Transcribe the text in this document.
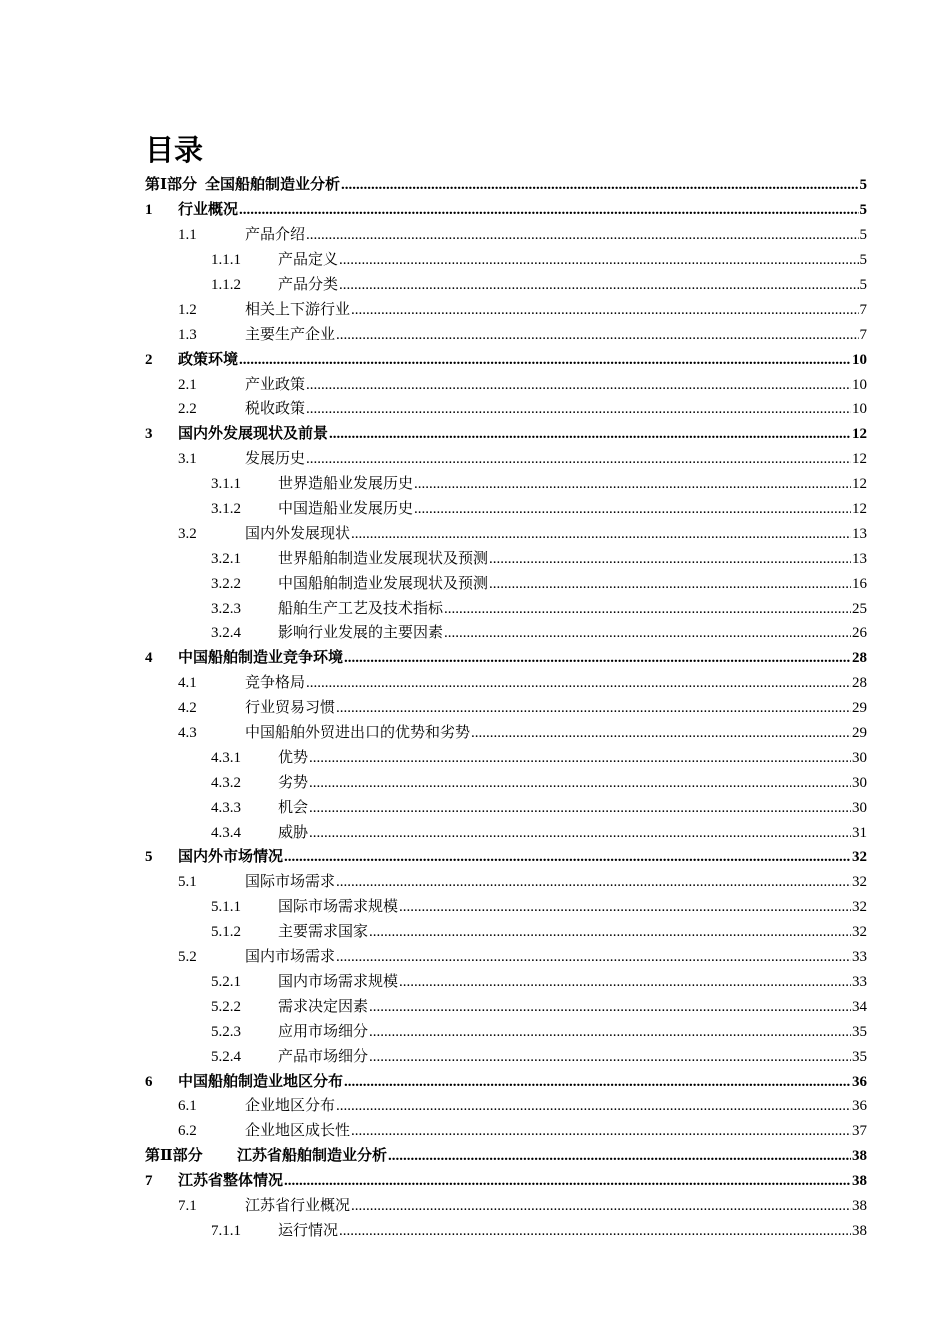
目录
第Ⅰ部分 全国船舶制造业分析 .....	5
1	行业概况 .....	5
1.1	产品介绍 .....	5
1.1.1	产品定义 .....	5
1.1.2	产品分类 .....	5
1.2	相关上下游行业 .....	7
1.3	主要生产企业 .....	7
2	政策环境 .....	10
2.1	产业政策 .....	10
2.2	税收政策 .....	10
3	国内外发展现状及前景 .....	12
3.1	发展历史 .....	12
3.1.1	世界造船业发展历史 .....	12
3.1.2	中国造船业发展历史 .....	12
3.2	国内外发展现状 .....	13
3.2.1	世界船舶制造业发展现状及预测 .....	13
3.2.2	中国船舶制造业发展现状及预测 .....	16
3.2.3	船舶生产工艺及技术指标 .....	25
3.2.4	影响行业发展的主要因素 .....	26
4	中国船舶制造业竞争环境 .....	28
4.1	竞争格局 .....	28
4.2	行业贸易习惯 .....	29
4.3	中国船舶外贸进出口的优势和劣势 .....	29
4.3.1	优势 .....	30
4.3.2	劣势 .....	30
4.3.3	机会 .....	30
4.3.4	威胁 .....	31
5	国内外市场情况 .....	32
5.1	国际市场需求 .....	32
5.1.1	国际市场需求规模 .....	32
5.1.2	主要需求国家 .....	32
5.2	国内市场需求 .....	33
5.2.1	国内市场需求规模 .....	33
5.2.2	需求决定因素 .....	34
5.2.3	应用市场细分 .....	35
5.2.4	产品市场细分 .....	35
6	中国船舶制造业地区分布 .....	36
6.1	企业地区分布 .....	36
6.2	企业地区成长性 .....	37
第Ⅱ部分	江苏省船舶制造业分析 .....	38
7	江苏省整体情况 .....	38
7.1	江苏省行业概况 .....	38
7.1.1	运行情况 .....	38
